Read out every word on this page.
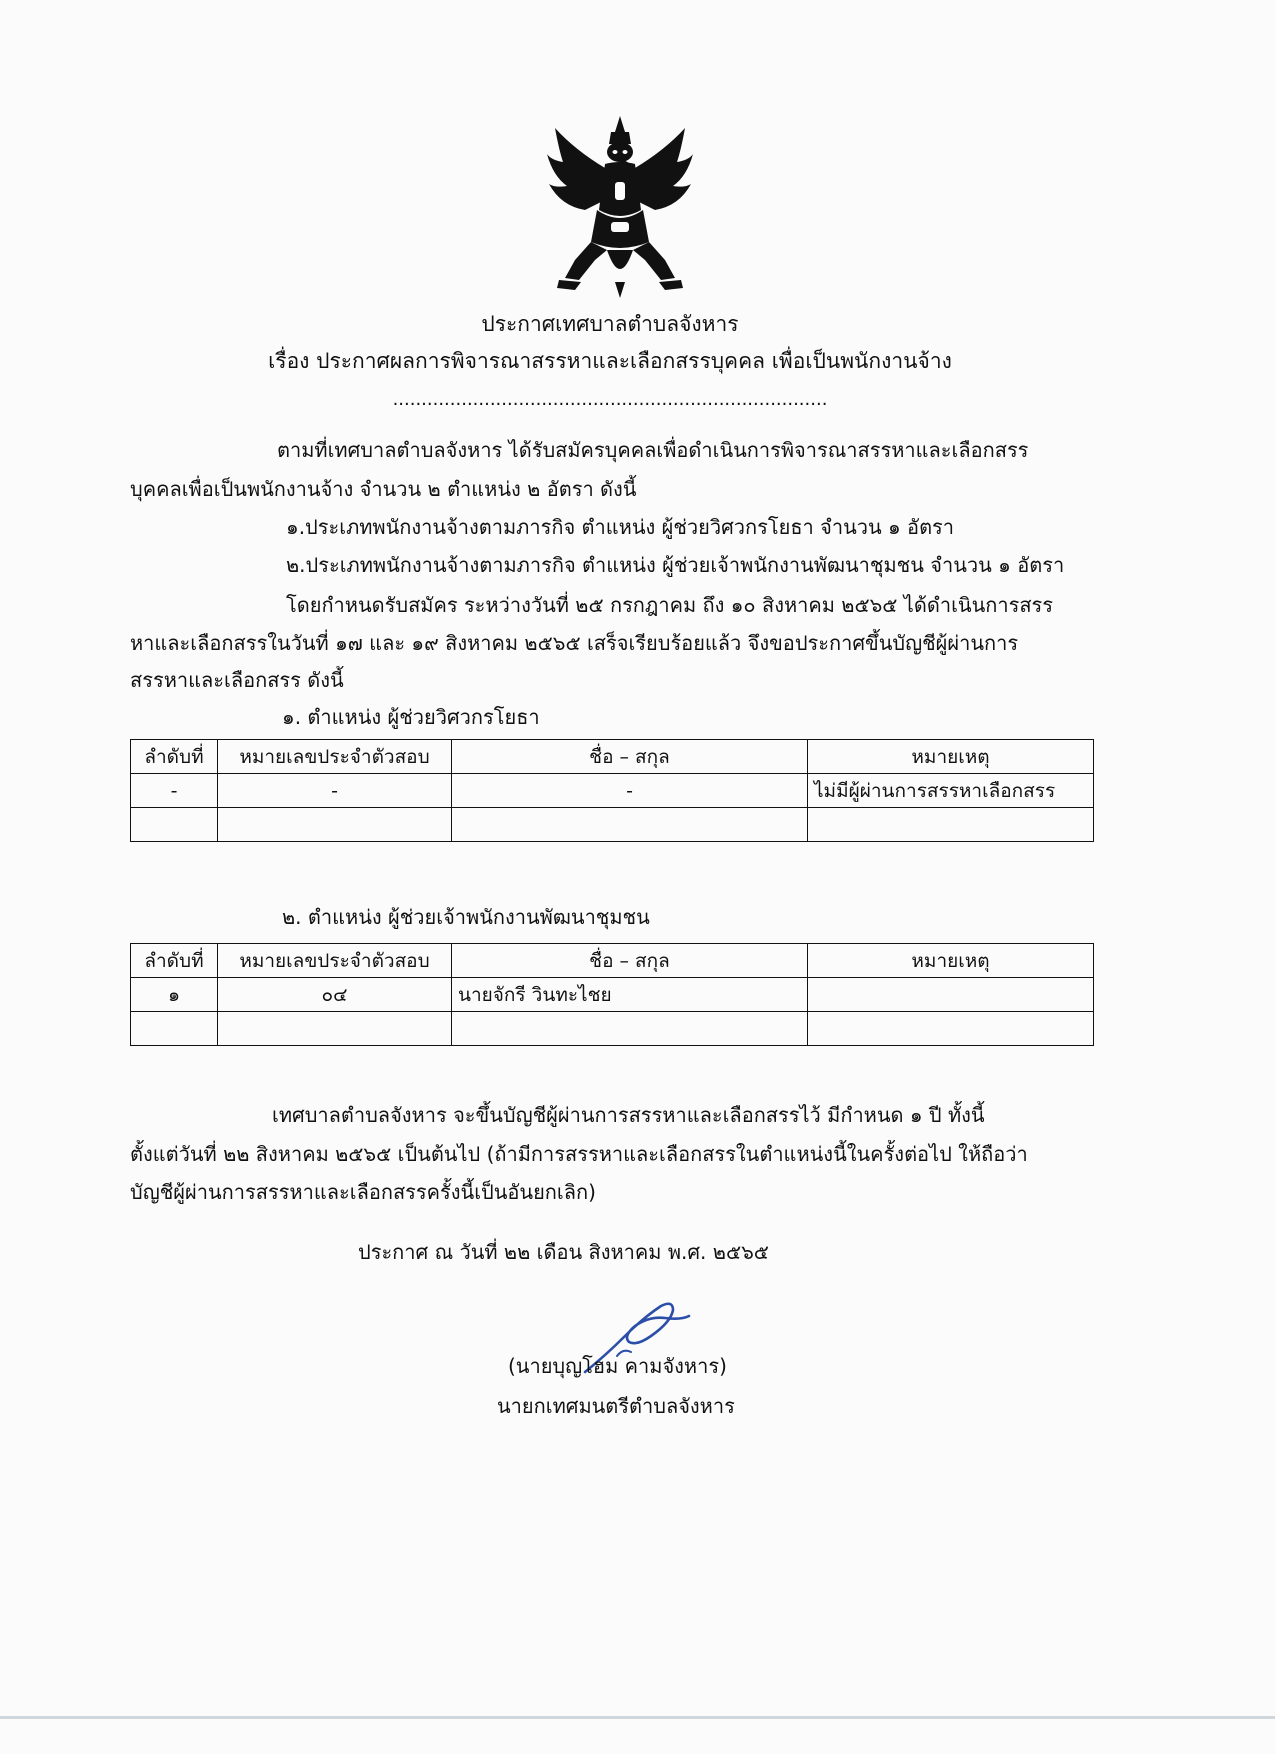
ประกาศเทศบาลตำบลจังหาร
เรื่อง ประกาศผลการพิจารณาสรรหาและเลือกสรรบุคคล เพื่อเป็นพนักงานจ้าง
............................................................................
ตามที่เทศบาลตำบลจังหาร ได้รับสมัครบุคคลเพื่อดำเนินการพิจารณาสรรหาและเลือกสรร
บุคคลเพื่อเป็นพนักงานจ้าง จำนวน ๒ ตำแหน่ง ๒ อัตรา ดังนี้
๑.ประเภทพนักงานจ้างตามภารกิจ ตำแหน่ง ผู้ช่วยวิศวกรโยธา จำนวน ๑ อัตรา
๒.ประเภทพนักงานจ้างตามภารกิจ ตำแหน่ง ผู้ช่วยเจ้าพนักงานพัฒนาชุมชน จำนวน ๑ อัตรา
โดยกำหนดรับสมัคร ระหว่างวันที่ ๒๕ กรกฎาคม ถึง ๑๐ สิงหาคม ๒๕๖๕ ได้ดำเนินการสรร
หาและเลือกสรรในวันที่ ๑๗ และ ๑๙ สิงหาคม ๒๕๖๕ เสร็จเรียบร้อยแล้ว จึงขอประกาศขึ้นบัญชีผู้ผ่านการ
สรรหาและเลือกสรร ดังนี้
๑. ตำแหน่ง ผู้ช่วยวิศวกรโยธา
ลำดับที่	หมายเลขประจำตัวสอบ	ชื่อ – สกุล	หมายเหตุ
-	-	-	ไม่มีผู้ผ่านการสรรหาเลือกสรร

๒. ตำแหน่ง ผู้ช่วยเจ้าพนักงานพัฒนาชุมชน
ลำดับที่	หมายเลขประจำตัวสอบ	ชื่อ – สกุล	หมายเหตุ
๑	๐๔	นายจักรี วินทะไชย	

เทศบาลตำบลจังหาร จะขึ้นบัญชีผู้ผ่านการสรรหาและเลือกสรรไว้ มีกำหนด ๑ ปี ทั้งนี้
ตั้งแต่วันที่ ๒๒ สิงหาคม ๒๕๖๕ เป็นต้นไป (ถ้ามีการสรรหาและเลือกสรรในตำแหน่งนี้ในครั้งต่อไป ให้ถือว่า
บัญชีผู้ผ่านการสรรหาและเลือกสรรครั้งนี้เป็นอันยกเลิก)
ประกาศ ณ วันที่ ๒๒ เดือน สิงหาคม พ.ศ. ๒๕๖๕
(นายบุญโฮม คามจังหาร)
นายกเทศมนตรีตำบลจังหาร
